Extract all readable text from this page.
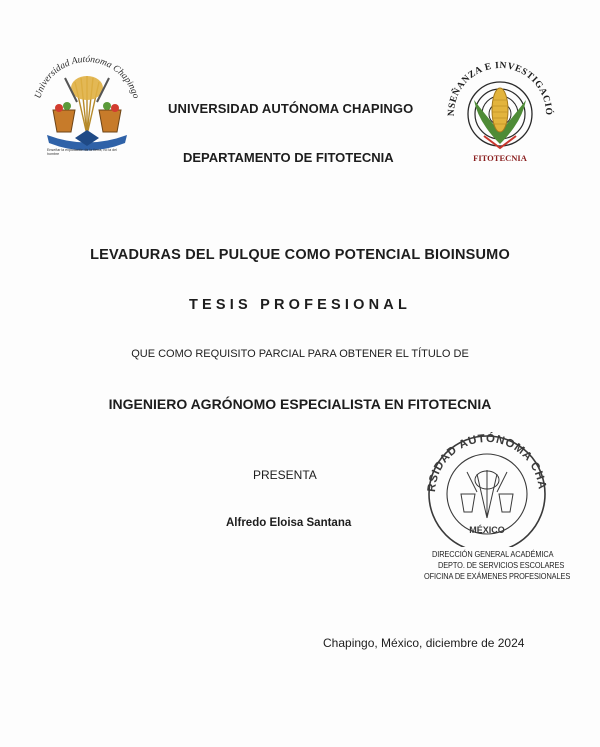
Universidad Autónoma Chapingo
Enseñar la explotación de la tierra, no la del hombre
UNIVERSIDAD AUTÓNOMA CHAPINGO
DEPARTAMENTO DE FITOTECNIA
NSEÑANZA E INVESTIGACIÓ
FITOTECNIA
LEVADURAS DEL PULQUE COMO POTENCIAL BIOINSUMO
TESIS PROFESIONAL
QUE COMO REQUISITO PARCIAL PARA OBTENER EL TÍTULO DE
INGENIERO AGRÓNOMO ESPECIALISTA EN FITOTECNIA
PRESENTA
Alfredo Eloisa Santana
RSIDAD AUTÓNOMA CHA
MÉXICO
DIRECCIÓN GENERAL ACADÉMICA
DEPTO. DE SERVICIOS ESCOLARES
OFICINA DE EXÁMENES PROFESIONALES
Chapingo, México, diciembre de 2024
